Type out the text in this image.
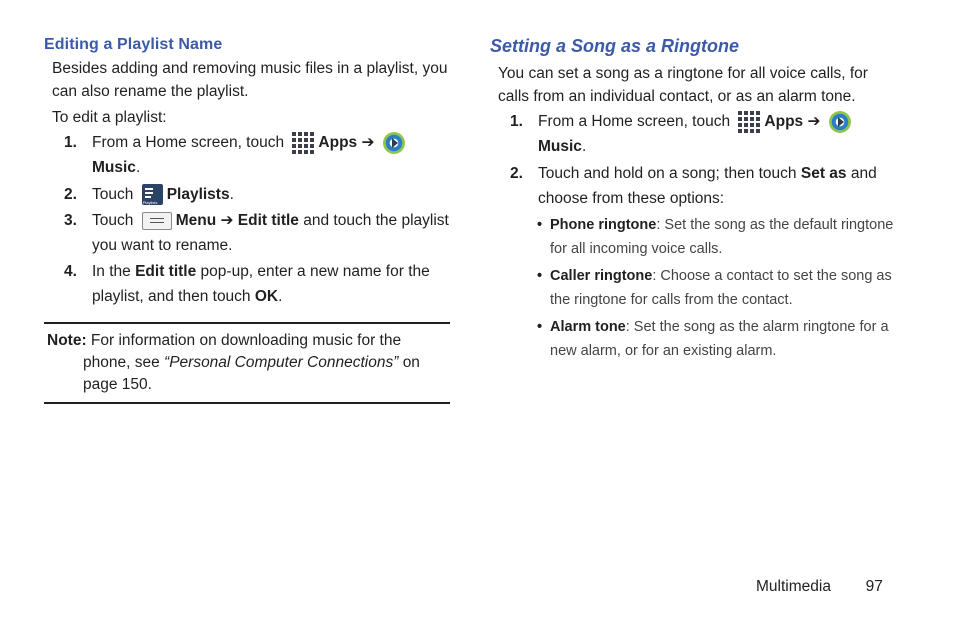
Editing a Playlist Name

Besides adding and removing music files in a playlist, you can also rename the playlist.

To edit a playlist:

1. From a Home screen, touch Apps ➔ Music.
2. Touch Playlists Playlists.
3. Touch	Menu ➔ Edit title and touch the playlist you want to rename.
4. In the Edit title pop-up, enter a new name for the playlist, and then touch OK.

Note: For information on downloading music for the phone, see “Personal Computer Connections” on page 150.

Setting a Song as a Ringtone

You can set a song as a ringtone for all voice calls, for calls from an individual contact, or as an alarm tone.

1. From a Home screen, touch Apps ➔ Music.
2. Touch and hold on a song; then touch Set as and choose from these options:
• Phone ringtone: Set the song as the default ringtone for all incoming voice calls.
• Caller ringtone: Choose a contact to set the song as the ringtone for calls from the contact.
• Alarm tone: Set the song as the alarm ringtone for a new alarm, or for an existing alarm.
Multimedia 97
